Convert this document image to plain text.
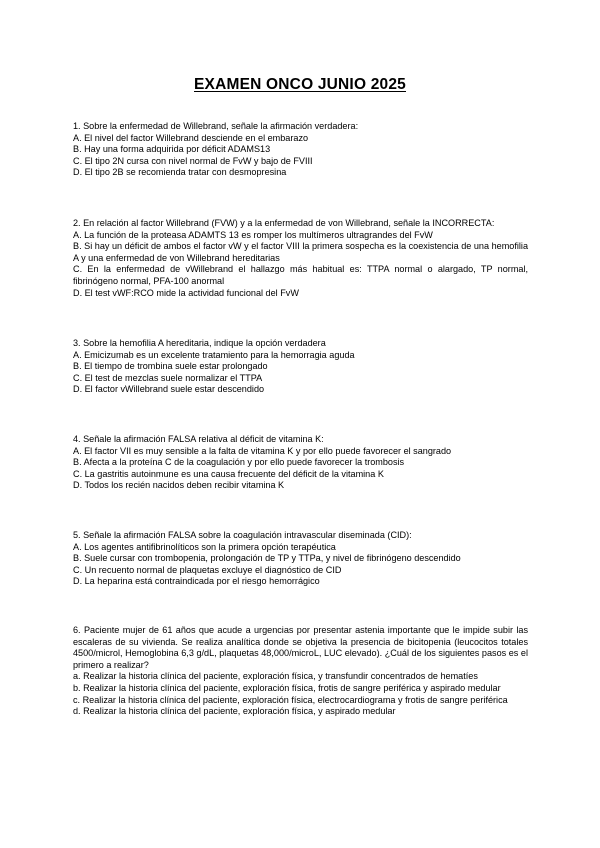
EXAMEN ONCO JUNIO 2025

1. Sobre la enfermedad de Willebrand, señale la afirmación verdadera:

A. El nivel del factor Willebrand desciende en el embarazo

B. Hay una forma adquirida por déficit ADAMS13

C. El tipo 2N cursa con nivel normal de FvW y bajo de FVIII

D. El tipo 2B se recomienda tratar con desmopresina

2. En relación al factor Willebrand (FVW) y a la enfermedad de von Willebrand, señale la INCORRECTA:

A. La función de la proteasa ADAMTS 13 es romper los multímeros ultragrandes del FvW

B. Si hay un déficit de ambos el factor vW y el factor VIII la primera sospecha es la coexistencia de una hemofilia A y una enfermedad de von Willebrand hereditarias

C. En la enfermedad de vWillebrand el hallazgo más habitual es: TTPA normal o alargado, TP normal, fibrinógeno normal, PFA-100 anormal

D. El test vWF:RCO mide la actividad funcional del FvW

3. Sobre la hemofilia A hereditaria, indique la opción verdadera

A. Emicizumab es un excelente tratamiento para la hemorragia aguda

B. El tiempo de trombina suele estar prolongado

C. El test de mezclas suele normalizar el TTPA

D. El factor vWillebrand suele estar descendido

4. Señale la afirmación FALSA relativa al déficit de vitamina K:

A. El factor VII es muy sensible a la falta de vitamina K y por ello puede favorecer el sangrado

B. Afecta a la proteína C de la coagulación y por ello puede favorecer la trombosis

C. La gastritis autoinmune es una causa frecuente del déficit de la vitamina K

D. Todos los recién nacidos deben recibir vitamina K

5. Señale la afirmación FALSA sobre la coagulación intravascular diseminada (CID):

A. Los agentes antifibrinolíticos son la primera opción terapéutica

B. Suele cursar con trombopenia, prolongación de TP y TTPa, y nivel de fibrinógeno descendido

C. Un recuento normal de plaquetas excluye el diagnóstico de CID

D. La heparina está contraindicada por el riesgo hemorrágico

6. Paciente mujer de 61 años que acude a urgencias por presentar astenia importante que le impide subir las escaleras de su vivienda. Se realiza analítica donde se objetiva la presencia de bicitopenia (leucocitos totales 4500/microl, Hemoglobina 6,3 g/dL, plaquetas 48,000/microL, LUC elevado). ¿Cuál de los siguientes pasos es el primero a realizar?

a. Realizar la historia clínica del paciente, exploración física, y transfundir concentrados de hematíes

b. Realizar la historia clínica del paciente, exploración física, frotis de sangre periférica y aspirado medular

c. Realizar la historia clínica del paciente, exploración física, electrocardiograma y frotis de sangre periférica

d. Realizar la historia clínica del paciente, exploración física, y aspirado medular
